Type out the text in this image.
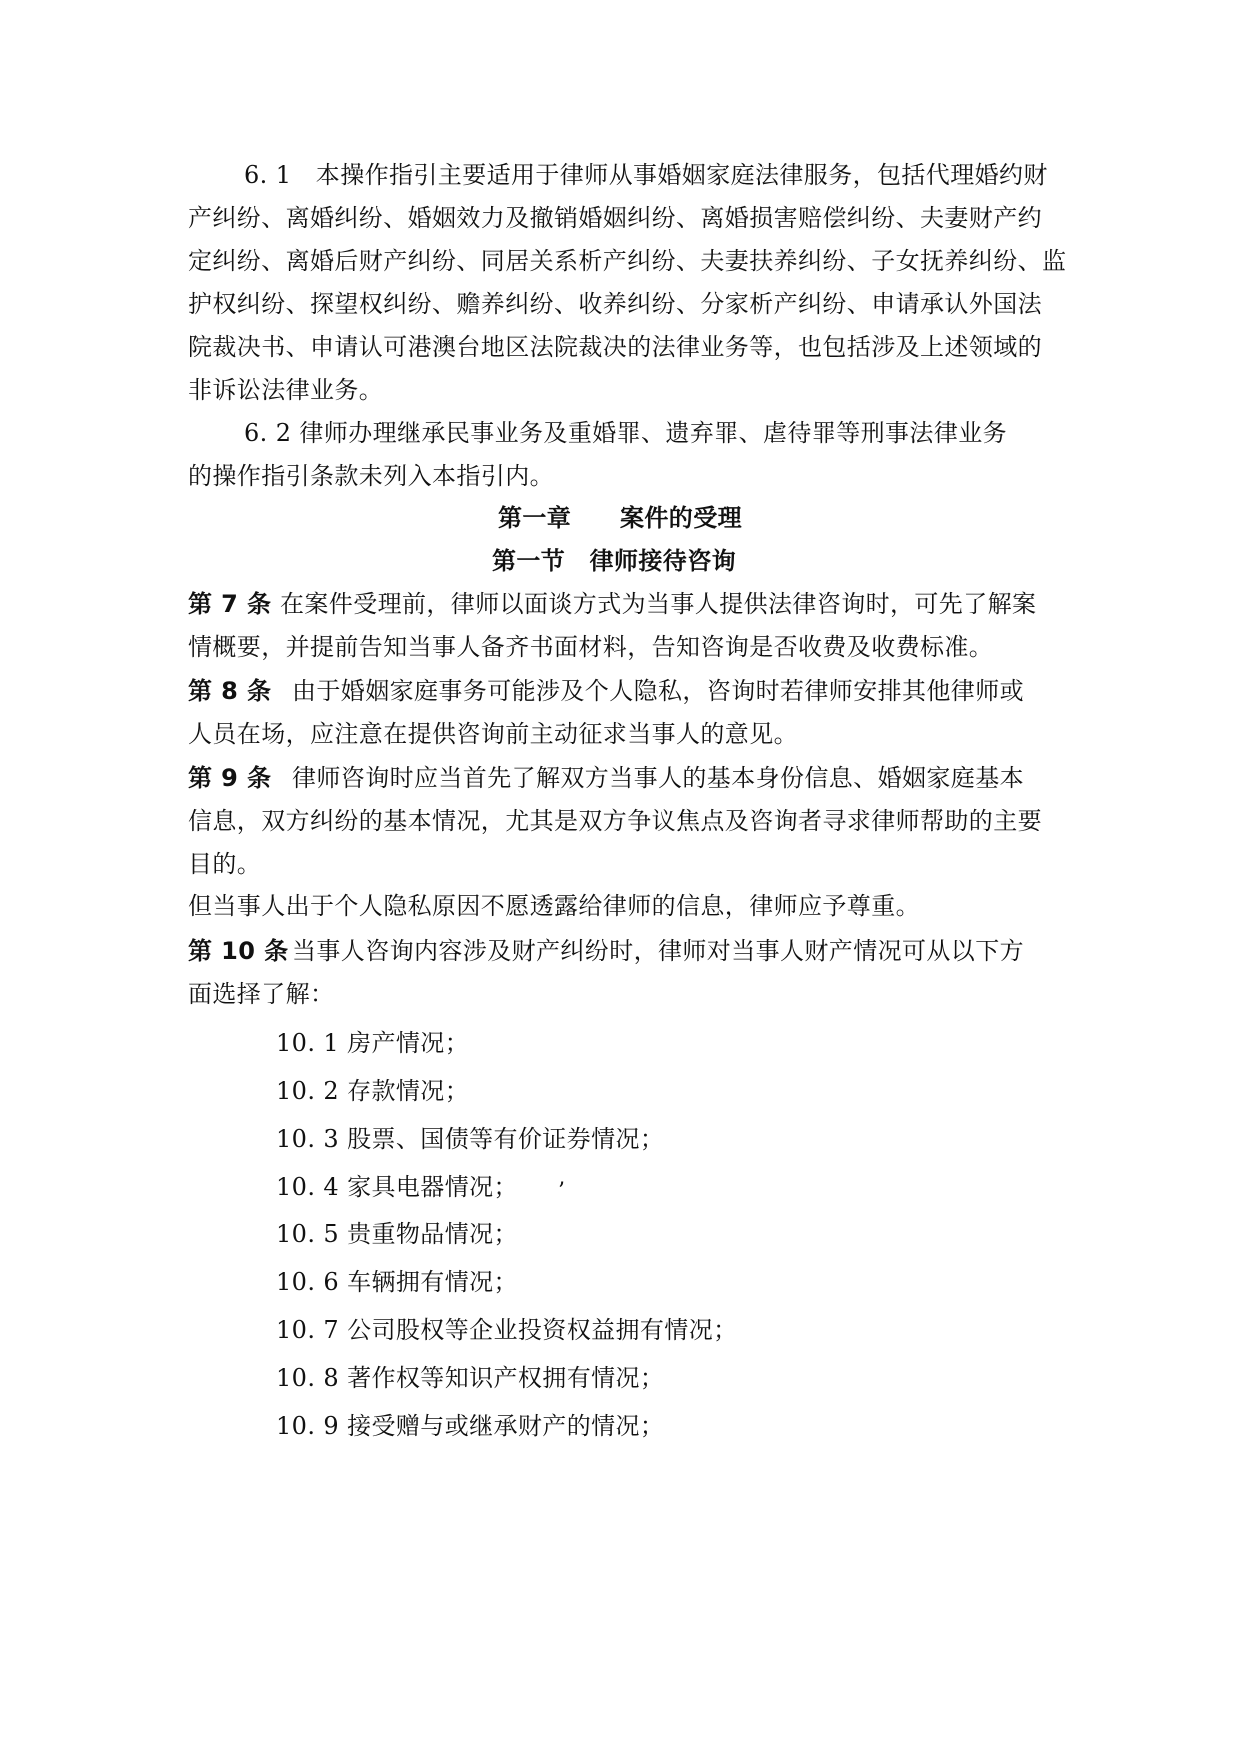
6. 1　本操作指引主要适用于律师从事婚姻家庭法律服务，包括代理婚约财
产纠纷、离婚纠纷、婚姻效力及撤销婚姻纠纷、离婚损害赔偿纠纷、夫妻财产约
定纠纷、离婚后财产纠纷、同居关系析产纠纷、夫妻扶养纠纷、子女抚养纠纷、监
护权纠纷、探望权纠纷、赡养纠纷、收养纠纷、分家析产纠纷、申请承认外国法
院裁决书、申请认可港澳台地区法院裁决的法律业务等，也包括涉及上述领域的
非诉讼法律业务。
6. 2 律师办理继承民事业务及重婚罪、遗弃罪、虐待罪等刑事法律业务
的操作指引条款未列入本指引内。
第一章　　案件的受理
第一节　律师接待咨询
第 7 条 在案件受理前，律师以面谈方式为当事人提供法律咨询时，可先了解案
情概要，并提前告知当事人备齐书面材料，告知咨询是否收费及收费标准。
第 8 条 由于婚姻家庭事务可能涉及个人隐私，咨询时若律师安排其他律师或
人员在场，应注意在提供咨询前主动征求当事人的意见。
第 9 条 律师咨询时应当首先了解双方当事人的基本身份信息、婚姻家庭基本
信息，双方纠纷的基本情况，尤其是双方争议焦点及咨询者寻求律师帮助的主要
目的。
但当事人出于个人隐私原因不愿透露给律师的信息，律师应予尊重。
第 10 条 当事人咨询内容涉及财产纠纷时，律师对当事人财产情况可从以下方
面选择了解：
10. 1 房产情况；
10. 2 存款情况；
’
10. 3 股票、国债等有价证券情况；
10. 4 家具电器情况；
10. 5 贵重物品情况；
10. 6 车辆拥有情况；
10. 7 公司股权等企业投资权益拥有情况；
10. 8 著作权等知识产权拥有情况；
10. 9 接受赠与或继承财产的情况；
